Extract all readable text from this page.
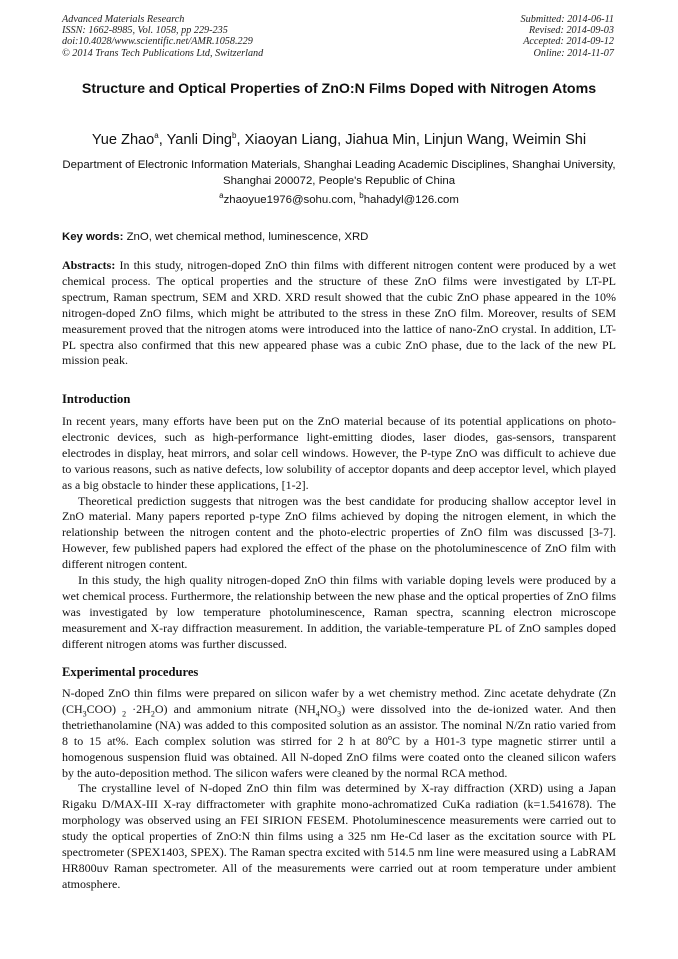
Advanced Materials Research
ISSN: 1662-8985, Vol. 1058, pp 229-235
doi:10.4028/www.scientific.net/AMR.1058.229
© 2014 Trans Tech Publications Ltd, Switzerland
Submitted: 2014-06-11
Revised: 2014-09-03
Accepted: 2014-09-12
Online: 2014-11-07
Structure and Optical Properties of ZnO:N Films Doped with Nitrogen Atoms
Yue Zhao$^a$, Yanli Ding$^b$, Xiaoyan Liang, Jiahua Min, Linjun Wang, Weimin Shi
Department of Electronic Information Materials, Shanghai Leading Academic Disciplines, Shanghai University, Shanghai 200072, People's Republic of China
$^a$zhaoyue1976@sohu.com, $^b$hahadyl@126.com
Key words: ZnO, wet chemical method, luminescence, XRD

Abstracts: In this study, nitrogen-doped ZnO thin films with different nitrogen content were produced by a wet chemical process. The optical properties and the structure of these ZnO films were investigated by LT-PL spectrum, Raman spectrum, SEM and XRD. XRD result showed that the cubic ZnO phase appeared in the 10% nitrogen-doped ZnO films, which might be attributed to the stress in these ZnO film. Moreover, results of SEM measurement proved that the nitrogen atoms were introduced into the lattice of nano-ZnO crystal. In addition, LT-PL spectra also confirmed that this new appeared phase was a cubic ZnO phase, due to the lack of the new PL mission peak.

Introduction

In recent years, many efforts have been put on the ZnO material because of its potential applications on photo-electronic devices, such as high-performance light-emitting diodes, laser diodes, gas-sensors, transparent electrodes in display, heat mirrors, and solar cell windows. However, the P-type ZnO was difficult to achieve due to various reasons, such as native defects, low solubility of acceptor dopants and deep acceptor level, which played as a big obstacle to hinder these applications, [1-2].

Theoretical prediction suggests that nitrogen was the best candidate for producing shallow acceptor level in ZnO material. Many papers reported p-type ZnO films achieved by doping the nitrogen element, in which the relationship between the nitrogen content and the photo-electric properties of ZnO film was discussed [3-7]. However, few published papers had explored the effect of the phase on the photoluminescence of ZnO film with different nitrogen content.

In this study, the high quality nitrogen-doped ZnO thin films with variable doping levels were produced by a wet chemical process. Furthermore, the relationship between the new phase and the optical properties of ZnO films was investigated by low temperature photoluminescence, Raman spectra, scanning electron microscope measurement and X-ray diffraction measurement. In addition, the variable-temperature PL of ZnO samples doped different nitrogen atoms was further discussed.

Experimental procedures

N-doped ZnO thin films were prepared on silicon wafer by a wet chemistry method. Zinc acetate dehydrate (Zn $(CH_3COO)$ $_2 \cdot 2H_2O$) and ammonium nitrate $(NH_4NO_3)$ were dissolved into the de-ionized water. And then thetriethanolamine (NA) was added to this composited solution as an assistor. The nominal N/Zn ratio varied from 8 to 15 at%. Each complex solution was stirred for 2 h at 80$^o$C by a H01-3 type magnetic stirrer until a homogenous suspension fluid was obtained. All N-doped ZnO films were coated onto the cleaned silicon wafers by the auto-deposition method. The silicon wafers were cleaned by the normal RCA method.

The crystalline level of N-doped ZnO thin film was determined by X-ray diffraction (XRD) using a Japan Rigaku D/MAX-III X-ray diffractometer with graphite mono-achromatized CuKa radiation (k=1.541678). The morphology was observed using an FEI SIRION FESEM. Photoluminescence measurements were carried out to study the optical properties of ZnO:N thin films using a 325 nm He-Cd laser as the excitation source with PL spectrometer (SPEX1403, SPEX). The Raman spectra excited with 514.5 nm line were measured using a LabRAM HR800uv Raman spectrometer. All of the measurements were carried out at room temperature under ambient atmosphere.
